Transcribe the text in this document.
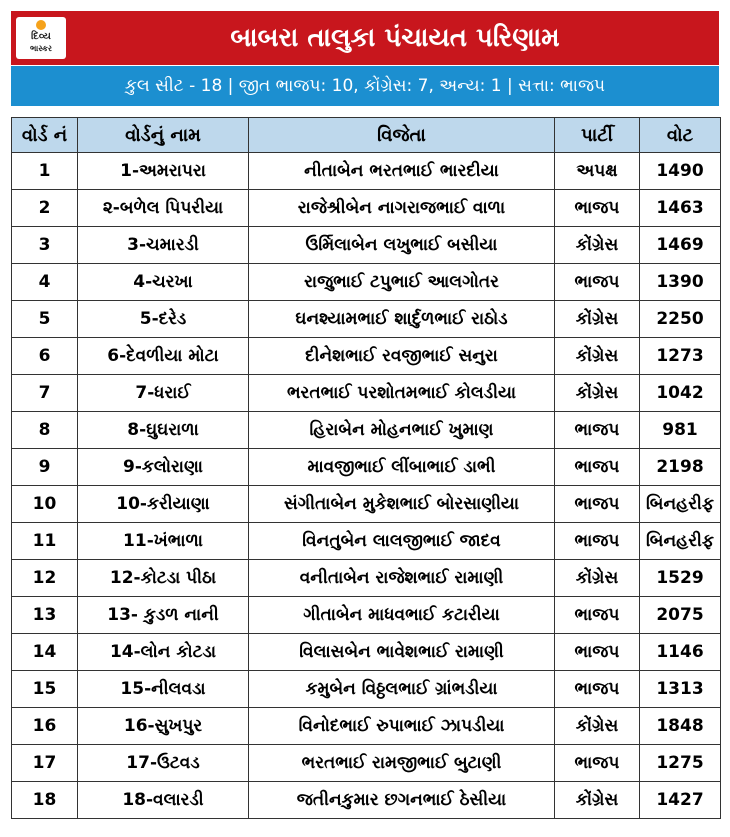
દિવ્ય
ભાસ્કર	બાબરા તાલુકા પંચાયત પરિણામ
કુલ સીટ - 18 | જીત ભાજપ: 10, કોંગ્રેસ: 7, અન્ય: 1 | સત્તા: ભાજપ
વોર્ડ નં	વોર્ડનું નામ	વિજેતા	પાર્ટી	વોટ
1	1-અમરાપરા	નીતાબેન ભરતભાઈ ભારદીયા	અપક્ષ	1490
2	૨-બળેલ પિપરીયા	રાજેશ્રીબેન નાગરાજભાઈ વાળા	ભાજપ	1463
3	3-ચમારડી	ઉર્મિલાબેન લખુભાઈ બસીયા	કોંગ્રેસ	1469
4	4-ચરખા	રાજુભાઈ ટપુભાઈ આલગોતર	ભાજપ	1390
5	5-દરેડ	ઘનશ્યામભાઈ શાર્દુળભાઈ રાઠોડ	કોંગ્રેસ	2250
6	6-દેવળીયા મોટા	દીનેશભાઈ રવજીભાઈ સનુરા	કોંગ્રેસ	1273
7	7-ધરાઈ	ભરતભાઈ પરશોતમભાઈ કોલડીયા	કોંગ્રેસ	1042
8	8-ઘુઘરાળા	હિરાબેન મોહનભાઈ ખુમાણ	ભાજપ	981
9	9-કલોરાણા	માવજીભાઈ લીંબાભાઈ ડાભી	ભાજપ	2198
10	10-કરીયાણા	સંગીતાબેન મુકેશભાઈ બોરસાણીયા	ભાજપ	બિનહરીફ
11	11-ખંભાળા	વિનતુબેન લાલજીભાઈ જાદવ	ભાજપ	બિનહરીફ
12	12-કોટડા પીઠા	વનીતાબેન રાજેશભાઈ રામાણી	કોંગ્રેસ	1529
13	13- કુડળ નાની	ગીતાબેન માધવભાઈ કટારીયા	ભાજપ	2075
14	14-લોન કોટડા	વિલાસબેન ભાવેશભાઈ રામાણી	ભાજપ	1146
15	15-નીલવડા	કમુબેન વિઠ્ઠલભાઈ ગ્રાંભડીયા	ભાજપ	1313
16	16-સુખપુર	વિનોદભાઈ રુપાભાઈ ઝાપડીયા	કોંગ્રેસ	1848
17	17-ઉટવડ	ભરતભાઈ રામજીભાઈ બુટાણી	ભાજપ	1275
18	18-વલારડી	જતીનકુમાર છગનભાઈ ઠેસીયા	કોંગ્રેસ	1427
